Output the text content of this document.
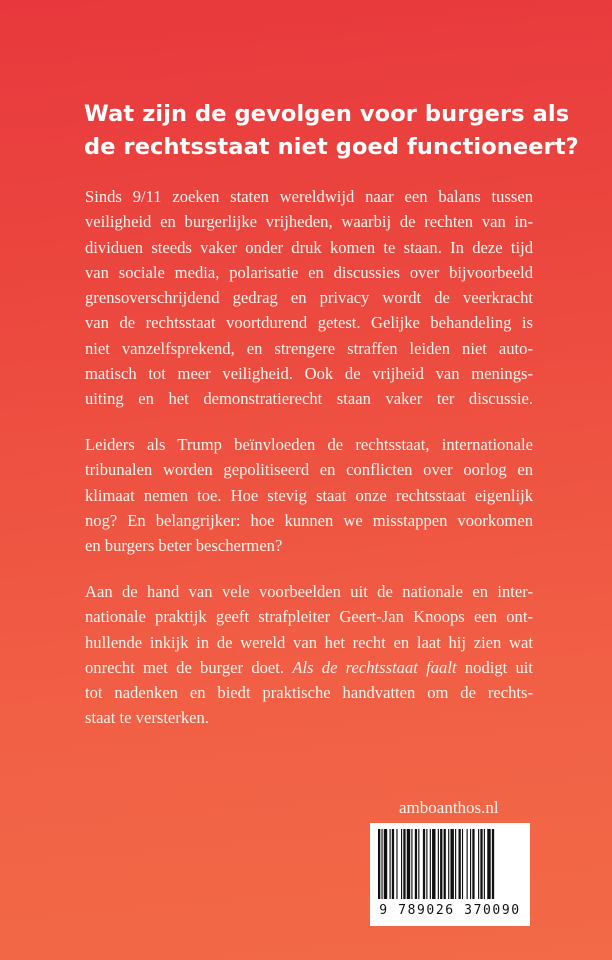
Wat zijn de gevolgen voor burgers als
de rechtsstaat niet goed functioneert?

Sinds 9/11 zoeken staten wereldwijd naar een balans tussen
veiligheid en burgerlijke vrijheden, waarbij de rechten van in-
dividuen steeds vaker onder druk komen te staan. In deze tijd
van sociale media, polarisatie en discussies over bijvoorbeeld
grensoverschrijdend gedrag en privacy wordt de veerkracht
van de rechtsstaat voortdurend getest. Gelijke behandeling is
niet vanzelfsprekend, en strengere straffen leiden niet auto-
matisch tot meer veiligheid. Ook de vrijheid van menings-
uiting en het demonstratierecht staan vaker ter discussie.

Leiders als Trump beïnvloeden de rechtsstaat, internationale
tribunalen worden gepolitiseerd en conflicten over oorlog en
klimaat nemen toe. Hoe stevig staat onze rechtsstaat eigenlijk
nog? En belangrijker: hoe kunnen we misstappen voorkomen
en burgers beter beschermen?

Aan de hand van vele voorbeelden uit de nationale en inter-
nationale praktijk geeft strafpleiter Geert-Jan Knoops een ont-
hullende inkijk in de wereld van het recht en laat hij zien wat
onrecht met de burger doet. Als de rechtsstaat faalt nodigt uit
tot nadenken en biedt praktische handvatten om de rechts-
staat te versterken.

amboanthos.nl
9 789026 370090
